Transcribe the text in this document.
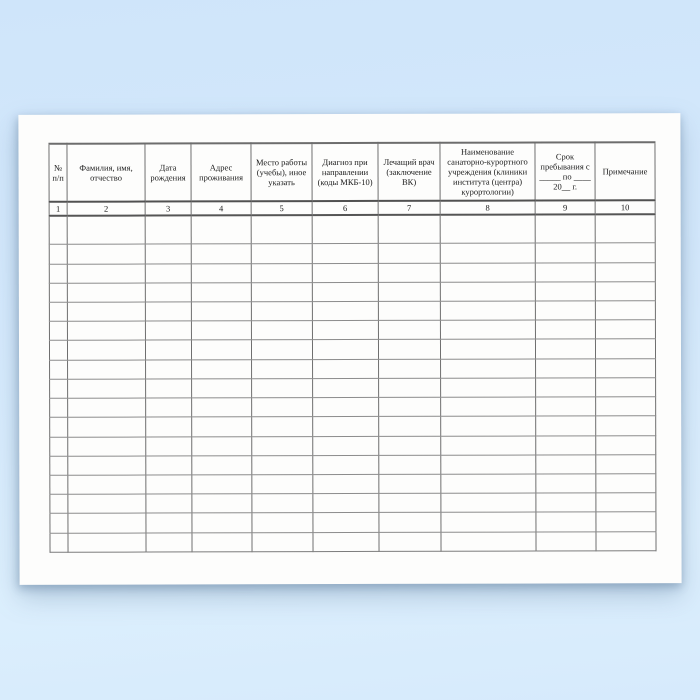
№ п/п	Фамилия, имя, отчество	Дата рождения	Адрес проживания	Место работы (учебы), иное указать	Диагноз при направлении (коды МКБ-10)	Лечащий врач (заключение ВК)	Наименование санаторно-курортного учреждения (клиники института (центра) курортологии)	Срок пребывания с _____ по ____ 20__ г.	Примечание
1	2	3	4	5	6	7	8	9	10
